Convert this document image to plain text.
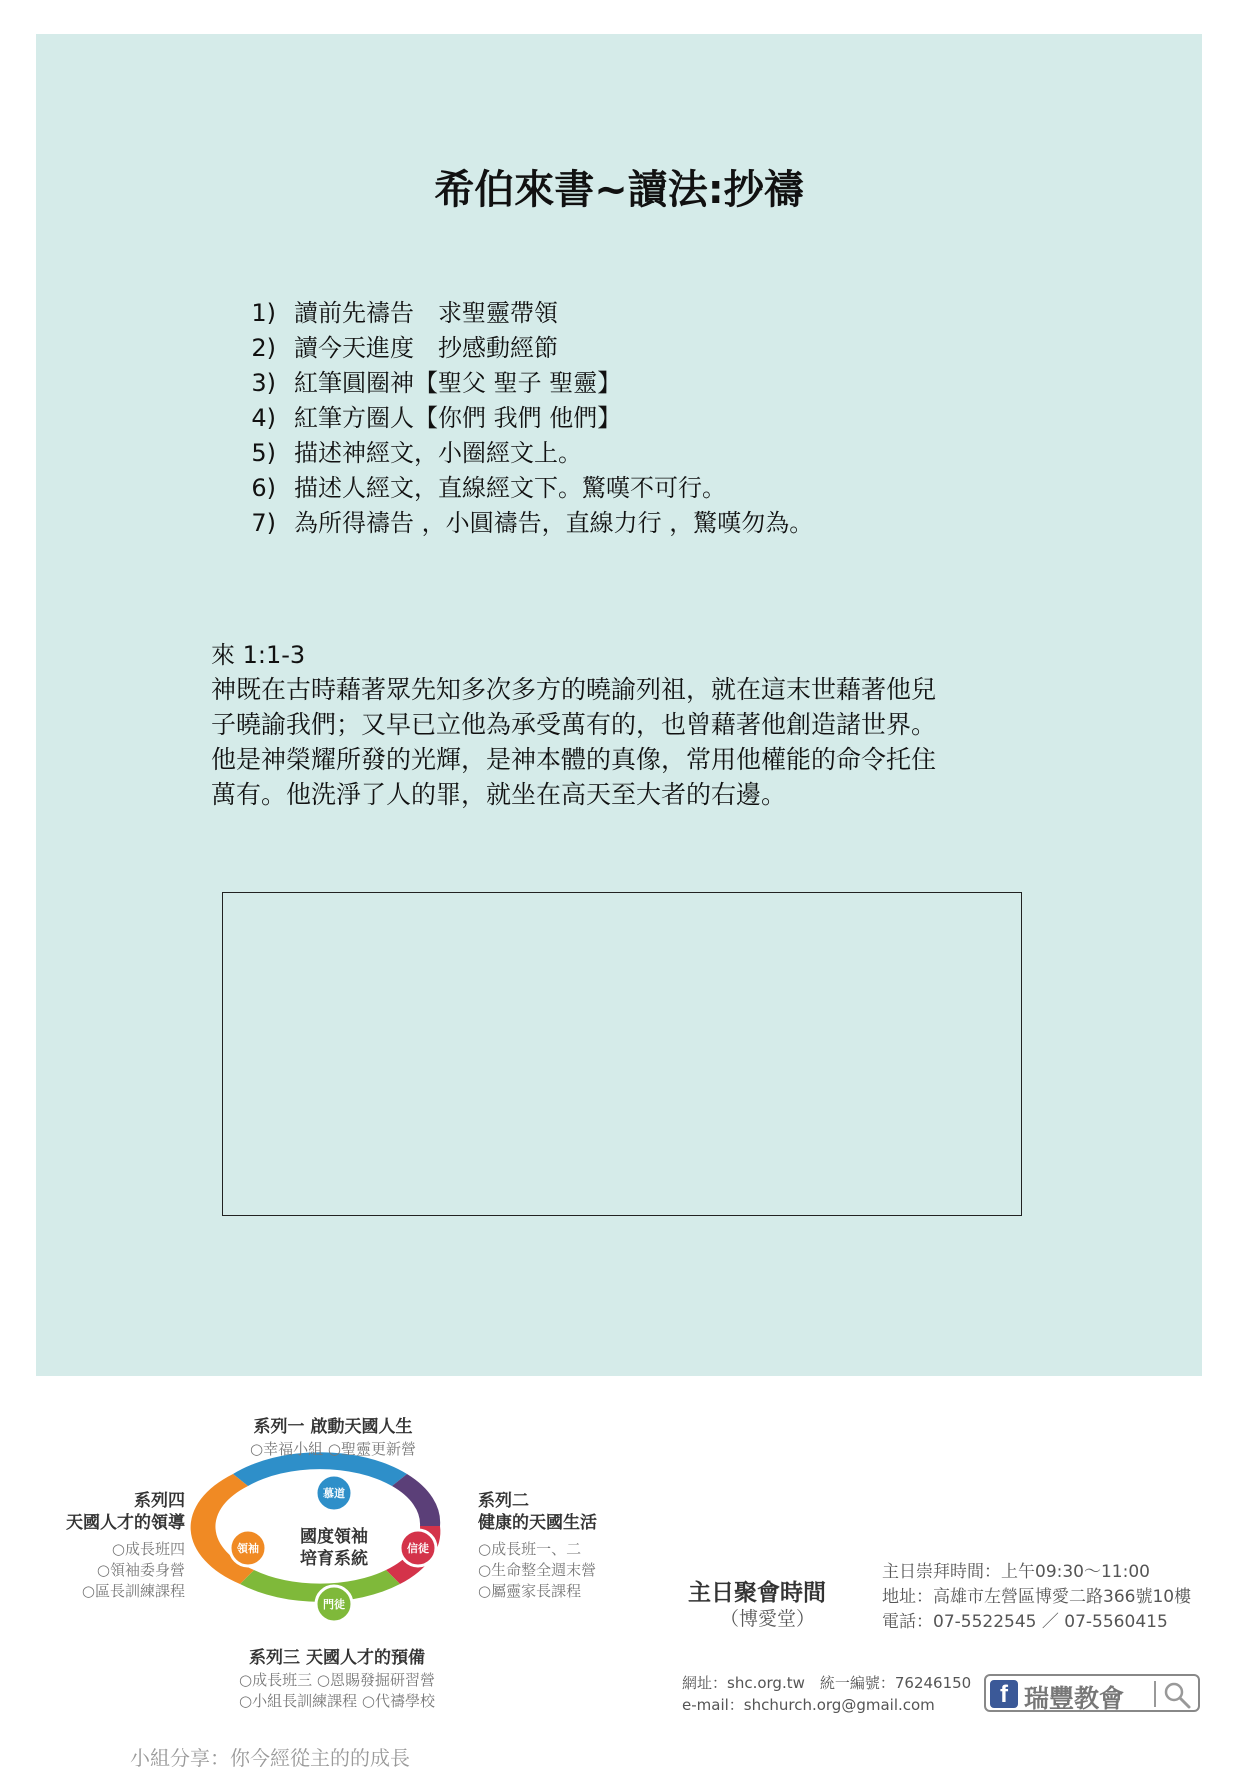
希伯來書~讀法:抄禱
1) 讀前先禱告　求聖靈帶領
2) 讀今天進度　抄感動經節
3) 紅筆圓圈神【聖父 聖子 聖靈】
4) 紅筆方圈人【你們 我們 他們】
5) 描述神經文，小圈經文上。
6) 描述人經文，直線經文下。驚嘆不可行。
7) 為所得禱告 ，小圓禱告，直線力行 ，驚嘆勿為。
來 1:1-3
神既在古時藉著眾先知多次多方的曉諭列祖，就在這末世藉著他兒
子曉諭我們；又早已立他為承受萬有的，也曾藉著他創造諸世界。
他是神榮耀所發的光輝，是神本體的真像，常用他權能的命令托住
萬有。他洗淨了人的罪，就坐在高天至大者的右邊。
慕道
信徒
門徒
領袖
國度領袖
培育系統
系列一 啟動天國人生
○幸福小組 ○聖靈更新營
系列二
健康的天國生活
○成長班一、二
○生命整全週末營
○屬靈家長課程
系列四
天國人才的領導
○成長班四
○領袖委身營
○區長訓練課程
系列三 天國人才的預備
○成長班三 ○恩賜發掘研習營
○小組長訓練課程 ○代禱學校
主日聚會時間
（博愛堂）
主日崇拜時間：上午09:30～11:00
地址：高雄市左營區博愛二路366號10樓
電話：07-5522545 ／ 07-5560415
網址：shc.org.tw　統一編號：76246150
e-mail：shchurch.org@gmail.com	f 瑞豐教會
小組分享：你今經從主的的成長
